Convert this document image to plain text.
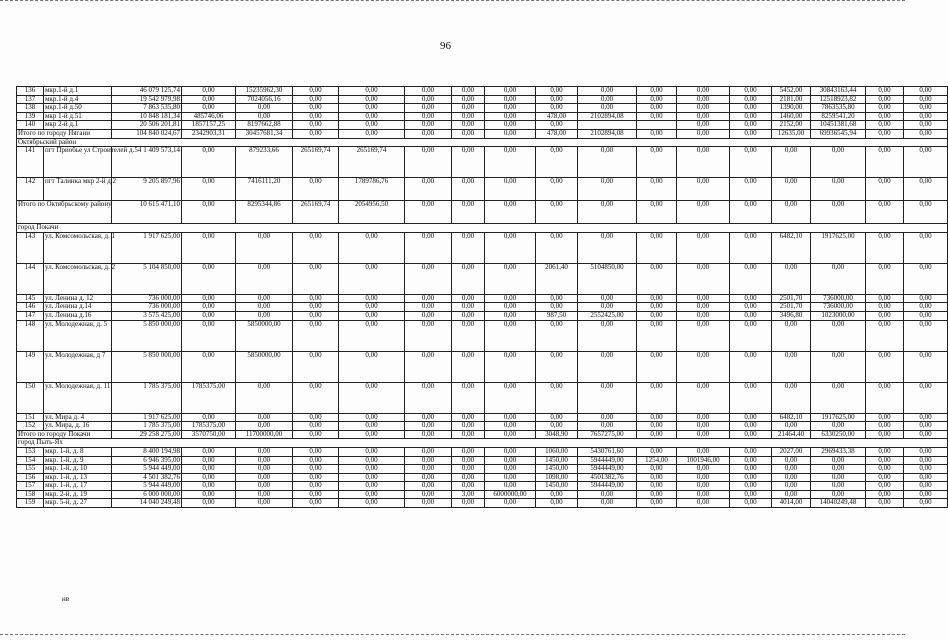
96
136	мкр.1-й д.1	46 079 125,74	0,00	15235962,30	0,00	0,00	0,00	0,00	0,00	0,00	0,00	0,00	0,00	0,00	5452,00	30843163,44	0,00	0,00
137	мкр.1-й д.4	19 542 979,98	0,00	7024056,16	0,00	0,00	0,00	0,00	0,00	0,00	0,00	0,00	0,00	0,00	2181,00	12518923,82	0,00	0,00
138	мкр.1-й д.50	7 863 535,80	0,00	0,00	0,00	0,00	0,00	0,00	0,00	0,00	0,00	0,00	0,00	0,00	1390,00	7863535,80	0,00	0,00
139	мкр 1-й д.51	10 848 181,34	485746,06	0,00	0,00	0,00	0,00	0,00	0,00	478,00	2102894,08	0,00	0,00	0,00	1460,00	8259541,20	0,00	0,00
140	мкр 2-й д.1	20 506 201,81	1857157,25	8197662,88	0,00	0,00	0,00	0,00	0,00	0,00			0,00	0,00	2152,00	10451381,68	0,00	0,00
Итого по городу Нягани		104 840 024,67	2342903,31	30457681,34	0,00	0,00	0,00	0,00	0,00	478,00	2102894,08	0,00	0,00	0,00	12635,00	69936545,94	0,00	0,00
Октябрьский район																		
141	пгт Приобье ул Строителей д.54	1 409 573,14	0,00	879233,66	265169,74	265169,74	0,00	0,00	0,00	0,00	0,00	0,00	0,00	0,00	0,00	0,00	0,00	0,00
142	пгт Талинка мкр 2-й д.2	9 205 897,96	0,00	7416111,20	0,00	1789786,76	0,00	0,00	0,00	0,00	0,00	0,00	0,00	0,00	0,00	0,00	0,00	0,00
Итого по Октябрьскому району		10 615 471,10	0,00	8295344,86	265169,74	2054956,50	0,00	0,00	0,00	0,00	0,00	0,00	0,00	0,00	0,00	0,00	0,00	0,00
город Покачи																		
143	ул. Комсомольская, д. 1	1 917 625,00	0,00	0,00	0,00	0,00	0,00	0,00	0,00	0,00	0,00	0,00	0,00	0,00	6482,10	1917625,00	0,00	0,00
144	ул. Комсомольская, д. 2	5 104 850,00	0,00	0,00	0,00	0,00	0,00	0,00	0,00	2061,40	5104850,00	0,00	0,00	0,00	0,00	0,00	0,00	0,00
145	ул. Ленина д. 12	736 000,00	0,00	0,00	0,00	0,00	0,00	0,00	0,00	0,00	0,00	0,00	0,00	0,00	2501,70	736000,00	0,00	0,00
146	ул. Ленина д.14	736 000,00	0,00	0,00	0,00	0,00	0,00	0,00	0,00	0,00	0,00	0,00	0,00	0,00	2501,70	736000,00	0,00	0,00
147	ул. Ленина д.16	3 575 425,00	0,00	0,00	0,00	0,00	0,00	0,00	0,00	987,50	2552425,00	0,00	0,00	0,00	3496,80	1023000,00	0,00	0,00
148	ул. Молодежная, д. 5	5 850 000,00	0,00	5850000,00	0,00	0,00	0,00	0,00	0,00	0,00	0,00	0,00	0,00	0,00	0,00	0,00	0,00	0,00
149	ул. Молодежная, д 7	5 850 000,00	0,00	5850000,00	0,00	0,00	0,00	0,00	0,00	0,00	0,00	0,00	0,00	0,00	0,00	0,00	0,00	0,00
150	ул. Молодежная, д. 11	1 785 375,00	1785375,00	0,00	0,00	0,00	0,00	0,00	0,00	0,00	0,00	0,00	0,00	0,00	0,00	0,00	0,00	0,00
151	ул. Мира д. 4	1 917 625,00	0,00	0,00	0,00	0,00	0,00	0,00	0,00	0,00	0,00	0,00	0,00	0,00	6482,10	1917625,00	0,00	0,00
152	ул. Мира, д. 16	1 785 375,00	1785375,00	0,00	0,00	0,00	0,00	0,00	0,00	0,00	0,00	0,00	0,00	0,00	0,00	0,00	0,00	0,00
Итого по городу Покачи		29 258 275,00	3570750,00	11700000,00	0,00	0,00	0,00	0,00	0,00	3048,90	7657275,00	0,00	0,00	0,00	21464,40	6330250,00	0,00	0,00
город Пыть-Ях																		
153	мкр. 1-й, д. 8	8 400 194,98	0,00	0,00	0,00	0,00	0,00	0,00	0,00	1060,00	5430761,60	0,00	0,00	0,00	2027,00	2969433,38	0,00	0,00
154	мкр. 1-й, д. 9	6 946 395,00	0,00	0,00	0,00	0,00	0,00	0,00	0,00	1450,00	5944449,00	1254,00	1001946,00	0,00	0,00	0,00	0,00	0,00
155	мкр. 1-й, д. 10	5 944 449,00	0,00	0,00	0,00	0,00	0,00	0,00	0,00	1450,00	5944449,00	0,00	0,00	0,00	0,00	0,00	0,00	0,00
156	мкр. 1-й, д. 13	4 501 382,76	0,00	0,00	0,00	0,00	0,00	0,00	0,00	1098,00	4501382,76	0,00	0,00	0,00	0,00	0,00	0,00	0,00
157	мкр. 1-й, д. 17	5 944 449,00	0,00	0,00	0,00	0,00	0,00	0,00	0,00	1450,00	5944449,00	0,00	0,00	0,00	0,00	0,00	0,00	0,00
158	мкр. 2-й, д. 19	6 000 000,00	0,00	0,00	0,00	0,00	0,00	3,00	6000000,00	0,00	0,00	0,00	0,00	0,00	0,00	0,00	0,00	0,00
159	мкр. 5-й, д. 27	14 040 249,48	0,00	0,00	0,00	0,00	0,00	0,00	0,00	0,00	0,00	0,00	0,00	0,00	4014,00	14040249,48	0,00	0,00
нв
